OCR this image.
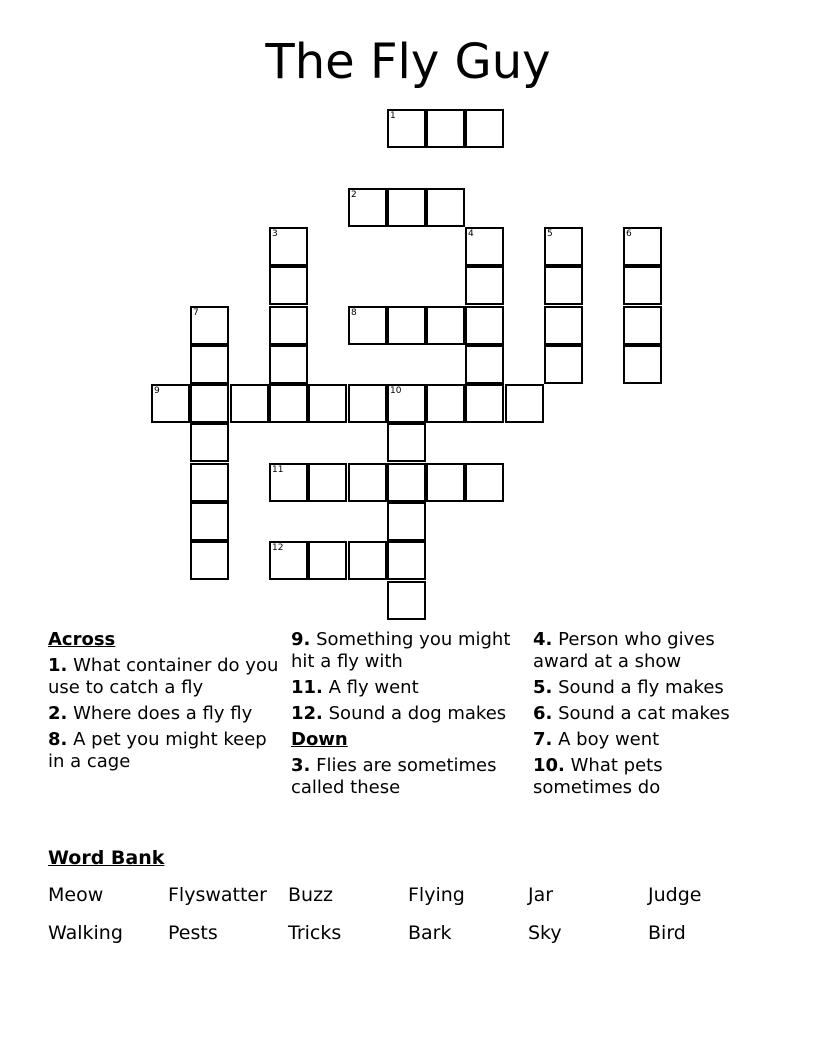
The Fly Guy
1
2
3	4	5	6
7	8
9	10
11
12
Across
1. What container do you use to catch a fly
2. Where does a fly fly
8. A pet you might keep in a cage
9. Something you might hit a fly with
11. A fly went
12. Sound a dog makes
Down
3. Flies are sometimes called these
4. Person who gives award at a show
5. Sound a fly makes
6. Sound a cat makes
7. A boy went
10. What pets sometimes do
Word Bank
Meow	Flyswatter	Buzz	Flying	Jar	Judge
Walking	Pests	Tricks	Bark	Sky	Bird
